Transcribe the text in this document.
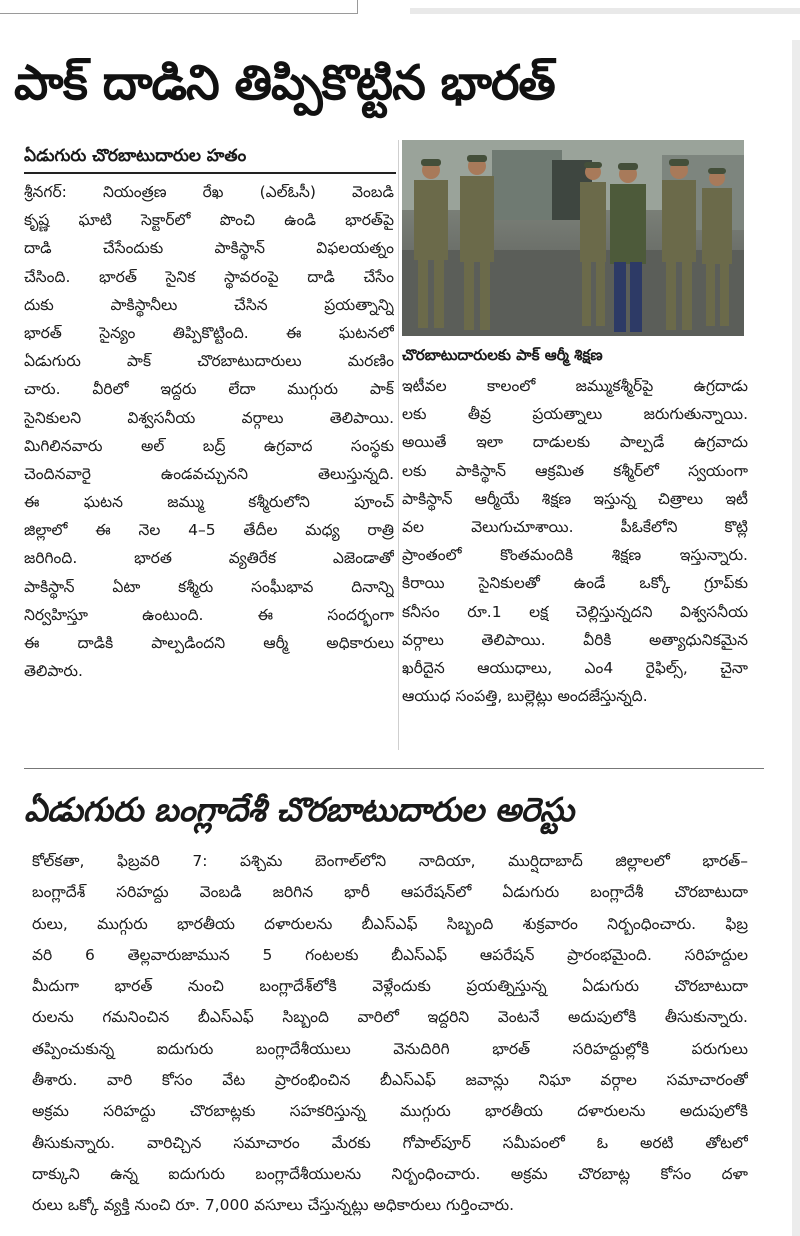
పాక్ దాడిని తిప్పికొట్టిన భారత్
ఏడుగురు చొరబాటుదారుల హతం
శ్రీనగర్: నియంత్రణ రేఖ (ఎల్‌ఓసీ) వెంబడి
కృష్ణ ఘాటి సెక్టార్‌లో పొంచి ఉండి భారత్‌పై
దాడి చేసేందుకు పాకిస్థాన్ విఫలయత్నం
చేసింది. భారత్ సైనిక స్థావరంపై దాడి చేసేం
దుకు పాకిస్థానీలు చేసిన ప్రయత్నాన్ని
భారత్ సైన్యం తిప్పికొట్టింది. ఈ ఘటనలో
ఏడుగురు పాక్ చొరబాటుదారులు మరణిం
చారు. వీరిలో ఇద్దరు లేదా ముగ్గురు పాక్
సైనికులని విశ్వసనీయ వర్గాలు తెలిపాయి.
మిగిలినవారు అల్ బద్ర్ ఉగ్రవాద సంస్థకు
చెందినవారై ఉండవచ్చునని తెలుస్తున్నది.
ఈ ఘటన జమ్ము కశ్మీరులోని పూంచ్
జిల్లాలో ఈ నెల 4–5 తేదీల మధ్య రాత్రి
జరిగింది. భారత వ్యతిరేక ఎజెండాతో
పాకిస్థాన్ ఏటా కశ్మీరు సంఘీభావ దినాన్ని
నిర్వహిస్తూ ఉంటుంది. ఈ సందర్భంగా
ఈ దాడికి పాల్పడిందని ఆర్మీ అధికారులు
తెలిపారు.
చొరబాటుదారులకు పాక్ ఆర్మీ శిక్షణ
ఇటీవల కాలంలో జమ్ముకశ్మీర్‌పై ఉగ్రదాడు
లకు తీవ్ర ప్రయత్నాలు జరుగుతున్నాయి.
అయితే ఇలా దాడులకు పాల్పడే ఉగ్రవాదు
లకు పాకిస్థాన్ ఆక్రమిత కశ్మీర్‌లో స్వయంగా
పాకిస్థాన్ ఆర్మీయే శిక్షణ ఇస్తున్న చిత్రాలు ఇటీ
వల వెలుగుచూశాయి. పీఓకేలోని కొట్లి
ప్రాంతంలో కొంతమందికి శిక్షణ ఇస్తున్నారు.
కిరాయి సైనికులతో ఉండే ఒక్కో గ్రూప్‌కు
కనీసం రూ.1 లక్ష చెల్లిస్తున్నదని విశ్వసనీయ
వర్గాలు తెలిపాయి. వీరికి అత్యాధునికమైన
ఖరీదైన ఆయుధాలు, ఎం4 రైఫిల్స్, చైనా
ఆయుధ సంపత్తి, బుల్లెట్లు అందజేస్తున్నది.
ఏడుగురు బంగ్లాదేశీ చొరబాటుదారుల అరెస్టు
కోల్‌కతా, ఫిబ్రవరి 7: పశ్చిమ బెంగాల్‌లోని నాదియా, ముర్షిదాబాద్ జిల్లాలలో భారత్–
బంగ్లాదేశ్ సరిహద్దు వెంబడి జరిగిన భారీ ఆపరేషన్‌లో ఏడుగురు బంగ్లాదేశీ చొరబాటుదా
రులు, ముగ్గురు భారతీయ దళారులను బీఎస్ఎఫ్ సిబ్బంది శుక్రవారం నిర్బంధించారు. ఫిబ్ర
వరి 6 తెల్లవారుజామున 5 గంటలకు బీఎస్ఎఫ్ ఆపరేషన్ ప్రారంభమైంది. సరిహద్దుల
మీదుగా భారత్ నుంచి బంగ్లాదేశ్‌లోకి వెళ్లేందుకు ప్రయత్నిస్తున్న ఏడుగురు చొరబాటుదా
రులను గమనించిన బీఎస్ఎఫ్ సిబ్బంది వారిలో ఇద్దరిని వెంటనే అదుపులోకి తీసుకున్నారు.
తప్పించుకున్న ఐదుగురు బంగ్లాదేశీయులు వెనుదిరిగి భారత్ సరిహద్దుల్లోకి పరుగులు
తీశారు. వారి కోసం వేట ప్రారంభించిన బీఎస్ఎఫ్ జవాన్లు నిఘా వర్గాల సమాచారంతో
అక్రమ సరిహద్దు చొరబాట్లకు సహకరిస్తున్న ముగ్గురు భారతీయ దళారులను అదుపులోకి
తీసుకున్నారు. వారిచ్చిన సమాచారం మేరకు గోపాల్‌పూర్ సమీపంలో ఓ అరటి తోటలో
దాక్కుని ఉన్న ఐదుగురు బంగ్లాదేశీయులను నిర్బంధించారు. అక్రమ చొరబాట్ల కోసం దళా
రులు ఒక్కో వ్యక్తి నుంచి రూ. 7,000 వసూలు చేస్తున్నట్లు అధికారులు గుర్తించారు.
